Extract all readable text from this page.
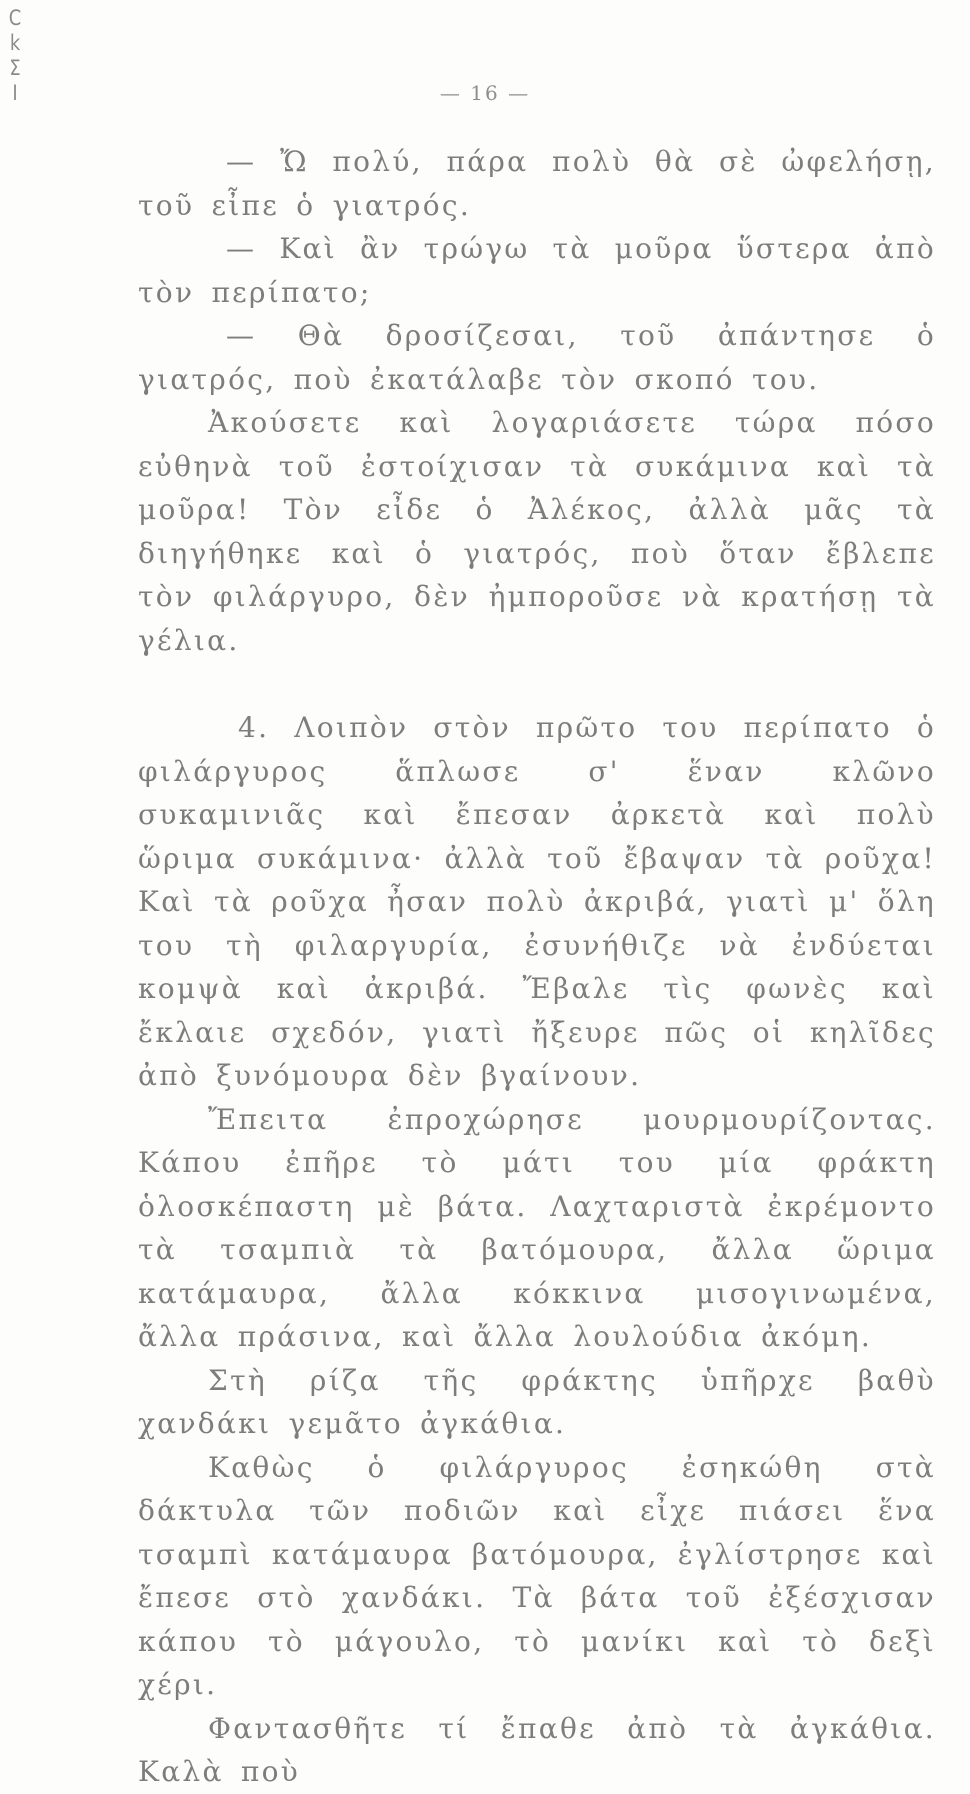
C
k
Σ
I	— 16 —

— Ὤ πολύ, πάρα πολὺ θὰ σὲ ὠφελήσῃ, τοῦ εἶπε ὁ γιατρός.

— Καὶ ἂν τρώγω τὰ μοῦρα ὕστερα ἀπὸ τὸν περίπατο;

— Θὰ δροσίζεσαι, τοῦ ἀπάντησε ὁ γιατρός, ποὺ ἐκατάλαβε τὸν σκοπό του.

Ἀκούσετε καὶ λογαριάσετε τώρα πόσο εὐθηνὰ τοῦ ἐστοίχισαν τὰ συκάμινα καὶ τὰ μοῦρα! Τὸν εἶδε ὁ Ἀλέκος, ἀλλὰ μᾶς τὰ διηγήθηκε καὶ ὁ γιατρός, ποὺ ὅταν ἔβλεπε τὸν φιλάργυρο, δὲν ἠμποροῦσε νὰ κρατήσῃ τὰ γέλια.

4. Λοιπὸν στὸν πρῶτο του περίπατο ὁ φιλάργυρος ἅπλωσε σ' ἕναν κλῶνο συκαμινιᾶς καὶ ἔπεσαν ἀρκετὰ καὶ πολὺ ὥριμα συκάμινα· ἀλλὰ τοῦ ἔβαψαν τὰ ροῦχα! Καὶ τὰ ροῦχα ἦσαν πολὺ ἀκριβά, γιατὶ μ' ὅλη του τὴ φιλαργυρία, ἐσυνήθιζε νὰ ἐνδύεται κομψὰ καὶ ἀκριβά. Ἔβαλε τὶς φωνὲς καὶ ἔκλαιε σχεδόν, γιατὶ ἤξευρε πῶς οἱ κηλῖδες ἀπὸ ξυνόμουρα δὲν βγαίνουν.

Ἔπειτα ἐπροχώρησε μουρμουρίζοντας. Κάπου ἐπῆρε τὸ μάτι του μία φράκτη ὁλοσκέπαστη μὲ βάτα. Λαχταριστὰ ἐκρέμοντο τὰ τσαμπιὰ τὰ βατόμουρα, ἄλλα ὥριμα κατάμαυρα, ἄλλα κόκκινα μισογινωμένα, ἄλλα πράσινα, καὶ ἄλλα λουλούδια ἀκόμη.

Στὴ ρίζα τῆς φράκτης ὑπῆρχε βαθὺ χανδάκι γεμᾶτο ἀγκάθια.

Καθὼς ὁ φιλάργυρος ἐσηκώθη στὰ δάκτυλα τῶν ποδιῶν καὶ εἶχε πιάσει ἕνα τσαμπὶ κατάμαυρα βατόμουρα, ἐγλίστρησε καὶ ἔπεσε στὸ χανδάκι. Τὰ βάτα τοῦ ἐξέσχισαν κάπου τὸ μάγουλο, τὸ μανίκι καὶ τὸ δεξὶ χέρι.

Φαντασθῆτε τί ἔπαθε ἀπὸ τὰ ἀγκάθια. Καλὰ ποὺ
